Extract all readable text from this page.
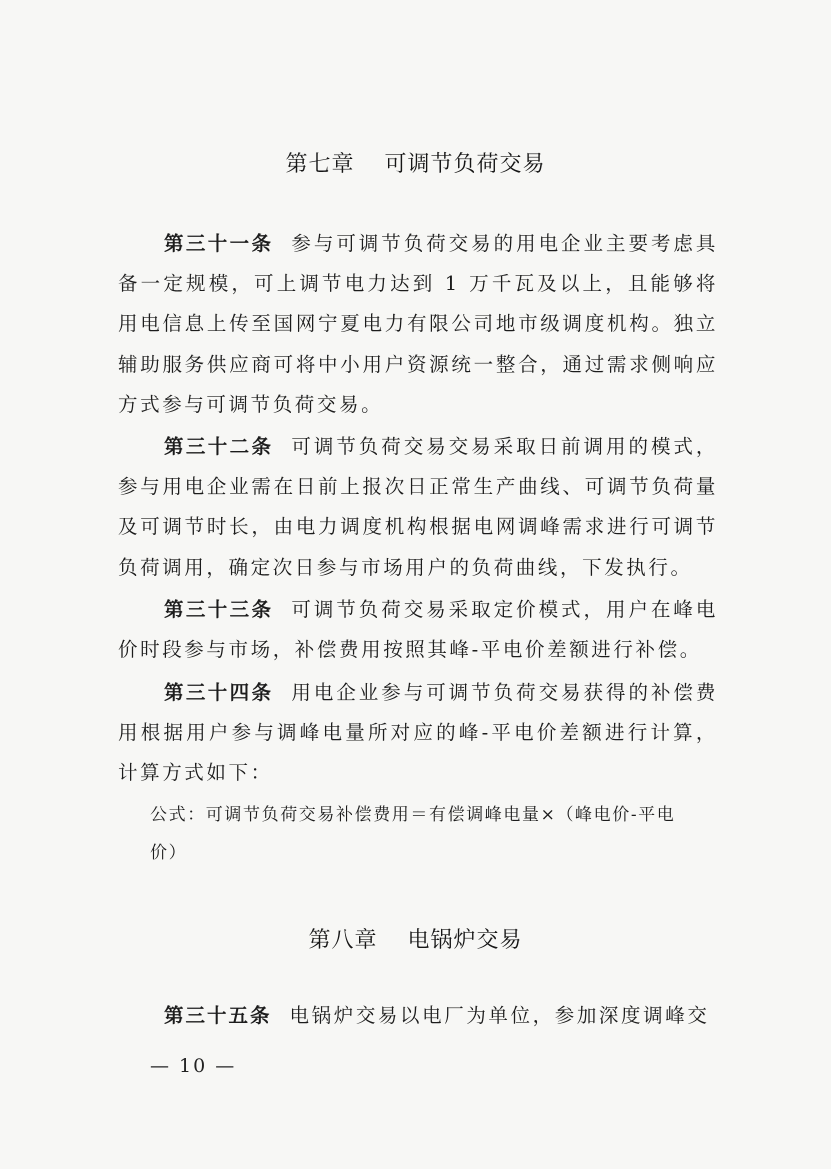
第七章 可调节负荷交易

第三十一条 参与可调节负荷交易的用电企业主要考虑具备一定规模，可上调节电力达到 1 万千瓦及以上，且能够将用电信息上传至国网宁夏电力有限公司地市级调度机构。独立辅助服务供应商可将中小用户资源统一整合，通过需求侧响应方式参与可调节负荷交易。

第三十二条 可调节负荷交易交易采取日前调用的模式，参与用电企业需在日前上报次日正常生产曲线、可调节负荷量及可调节时长，由电力调度机构根据电网调峰需求进行可调节负荷调用，确定次日参与市场用户的负荷曲线，下发执行。

第三十三条 可调节负荷交易采取定价模式，用户在峰电价时段参与市场，补偿费用按照其峰-平电价差额进行补偿。

第三十四条 用电企业参与可调节负荷交易获得的补偿费用根据用户参与调峰电量所对应的峰-平电价差额进行计算，计算方式如下：

公式：可调节负荷交易补偿费用＝有偿调峰电量×（峰电价-平电
价）
第八章 电锅炉交易

第三十五条 电锅炉交易以电厂为单位，参加深度调峰交

— 10 —
